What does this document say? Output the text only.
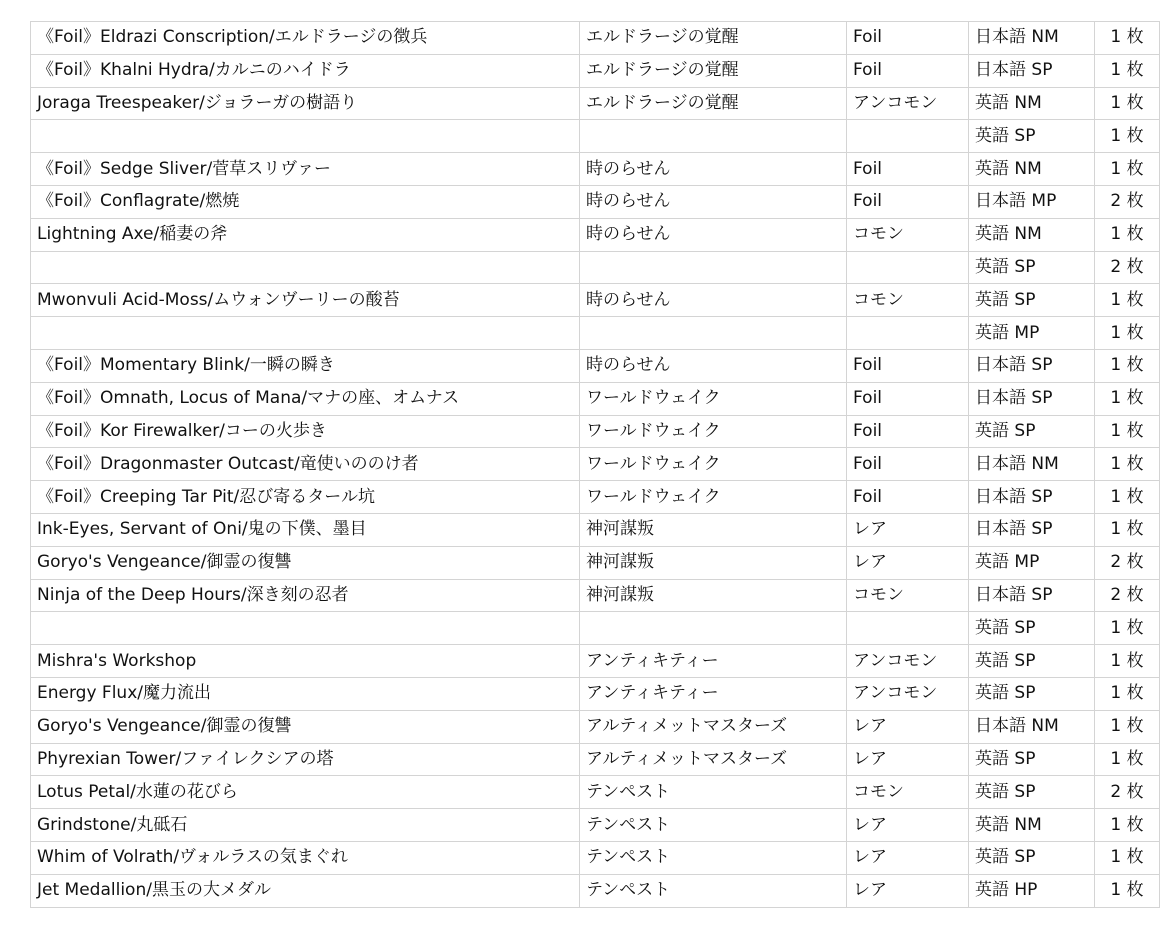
《Foil》Eldrazi Conscription/エルドラージの徴兵	エルドラージの覚醒	Foil	日本語 NM	1 枚
《Foil》Khalni Hydra/カルニのハイドラ	エルドラージの覚醒	Foil	日本語 SP	1 枚
Joraga Treespeaker/ジョラーガの樹語り	エルドラージの覚醒	アンコモン	英語 NM	1 枚
			英語 SP	1 枚
《Foil》Sedge Sliver/菅草スリヴァー	時のらせん	Foil	英語 NM	1 枚
《Foil》Conflagrate/燃焼	時のらせん	Foil	日本語 MP	2 枚
Lightning Axe/稲妻の斧	時のらせん	コモン	英語 NM	1 枚
			英語 SP	2 枚
Mwonvuli Acid-Moss/ムウォンヴーリーの酸苔	時のらせん	コモン	英語 SP	1 枚
			英語 MP	1 枚
《Foil》Momentary Blink/一瞬の瞬き	時のらせん	Foil	日本語 SP	1 枚
《Foil》Omnath, Locus of Mana/マナの座、オムナス	ワールドウェイク	Foil	日本語 SP	1 枚
《Foil》Kor Firewalker/コーの火歩き	ワールドウェイク	Foil	英語 SP	1 枚
《Foil》Dragonmaster Outcast/竜使いののけ者	ワールドウェイク	Foil	日本語 NM	1 枚
《Foil》Creeping Tar Pit/忍び寄るタール坑	ワールドウェイク	Foil	日本語 SP	1 枚
Ink-Eyes, Servant of Oni/鬼の下僕、墨目	神河謀叛	レア	日本語 SP	1 枚
Goryo's Vengeance/御霊の復讐	神河謀叛	レア	英語 MP	2 枚
Ninja of the Deep Hours/深き刻の忍者	神河謀叛	コモン	日本語 SP	2 枚
			英語 SP	1 枚
Mishra's Workshop	アンティキティー	アンコモン	英語 SP	1 枚
Energy Flux/魔力流出	アンティキティー	アンコモン	英語 SP	1 枚
Goryo's Vengeance/御霊の復讐	アルティメットマスターズ	レア	日本語 NM	1 枚
Phyrexian Tower/ファイレクシアの塔	アルティメットマスターズ	レア	英語 SP	1 枚
Lotus Petal/水蓮の花びら	テンペスト	コモン	英語 SP	2 枚
Grindstone/丸砥石	テンペスト	レア	英語 NM	1 枚
Whim of Volrath/ヴォルラスの気まぐれ	テンペスト	レア	英語 SP	1 枚
Jet Medallion/黒玉の大メダル	テンペスト	レア	英語 HP	1 枚
